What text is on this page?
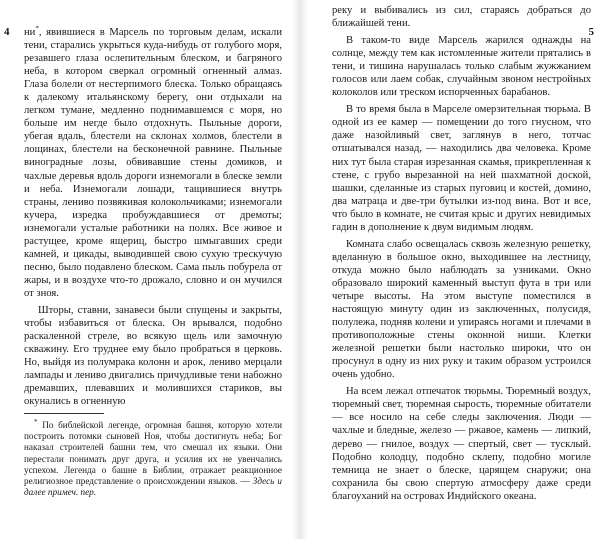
4 ни*, явившиеся в Марсель по торговым делам, искали тени, старались укрыться куда-нибудь от голубого моря, резавшего глаза ослепительным блеском, и багряного неба, в котором сверкал огромный огненный алмаз. Глаза болели от нестерпимого блеска. Только обращаясь к далекому итальянскому берегу, они отдыхали на легком тумане, медленно поднимавшемся с моря, но больше им негде было отдохнуть. Пыльные дороги, убегая вдаль, блестели на склонах холмов, блестели в лощинах, блестели на бесконечной равнине. Пыльные виноградные лозы, обвивавшие стены домиков, и чахлые деревья вдоль дороги изнемогали в блеске земли и неба. Изнемогали лошади, тащившиеся внутрь страны, лениво позвякивая колокольчиками; изнемогали кучера, изредка пробуждавшиеся от дремоты; изнемогали усталые работники на полях. Все живое и растущее, кроме ящериц, быстро шмыгавших среди камней, и цикады, выводившей свою сухую трескучую песню, было подавлено блеском. Сама пыль побурела от жары, и в воздухе что-то дрожало, словно и он мучился от зноя.

Шторы, ставни, занавеси были спущены и закрыты, чтобы избавиться от блеска. Он врывался, подобно раскаленной стреле, во всякую щель или замочную скважину. Его труднее ему было пробраться в церковь. Но, выйдя из полумрака колонн и арок, лениво мерцали лампады и лениво двигались причудливые тени набожно дремавших, плевавших и молившихся стариков, вы окунались в огненную

* По библейской легенде, огромная башня, которую хотели построить потомки сыновей Ноя, чтобы достигнуть неба; Бог наказал строителей башни тем, что смешал их языки. Они перестали понимать друг друга, и усилия их не увенчались успехом. Легенда о башне в Библии, отражает реакционное религиозное представление о происхождении языков. — Здесь и далее примеч. пер.

5

реку и выбивались из сил, стараясь добраться до ближайшей тени.

В таком-то виде Марсель жарился однажды на солнце, между тем как истомленные жители прятались в тени, и тишина нарушалась только слабым жужжанием голосов или лаем собак, случайным звоном нестройных колоколов или треском испорченных барабанов.

В то время была в Марселе омерзительная тюрьма. В одной из ее камер — помещении до того гнусном, что даже назойливый свет, заглянув в него, тотчас отшатывался назад, — находились два человека. Кроме них тут была старая изрезанная скамья, прикрепленная к стене, с грубо вырезанной на ней шахматной доской, шашки, сделанные из старых пуговиц и костей, домино, два матраца и две-три бутылки из-под вина. Вот и все, что было в комнате, не считая крыс и других невидимых гадин в дополнение к двум видимым людям.

Комната слабо освещалась сквозь железную решетку, вделанную в большое окно, выходившее на лестницу, откуда можно было наблюдать за узниками. Окно образовало широкий каменный выступ фута в три или четыре высоты. На этом выступе поместился в настоящую минуту один из заключенных, полусидя, полулежа, подняв колени и упираясь ногами и плечами в противоположные стены оконной ниши. Клетки железной решетки были настолько широки, что он просунул в одну из них руку и таким образом устроился очень удобно.

На всем лежал отпечаток тюрьмы. Тюремный воздух, тюремный свет, тюремная сырость, тюремные обитатели — все носило на себе следы заключения. Люди — чахлые и бледные, железо — ржавое, камень — липкий, дерево — гнилое, воздух — спертый, свет — тусклый. Подобно колодцу, подобно склепу, подобно могиле темница не знает о блеске, царящем снаружи; она сохранила бы свою спертую атмосферу даже среди благоуханий на островах Индийского океана.
